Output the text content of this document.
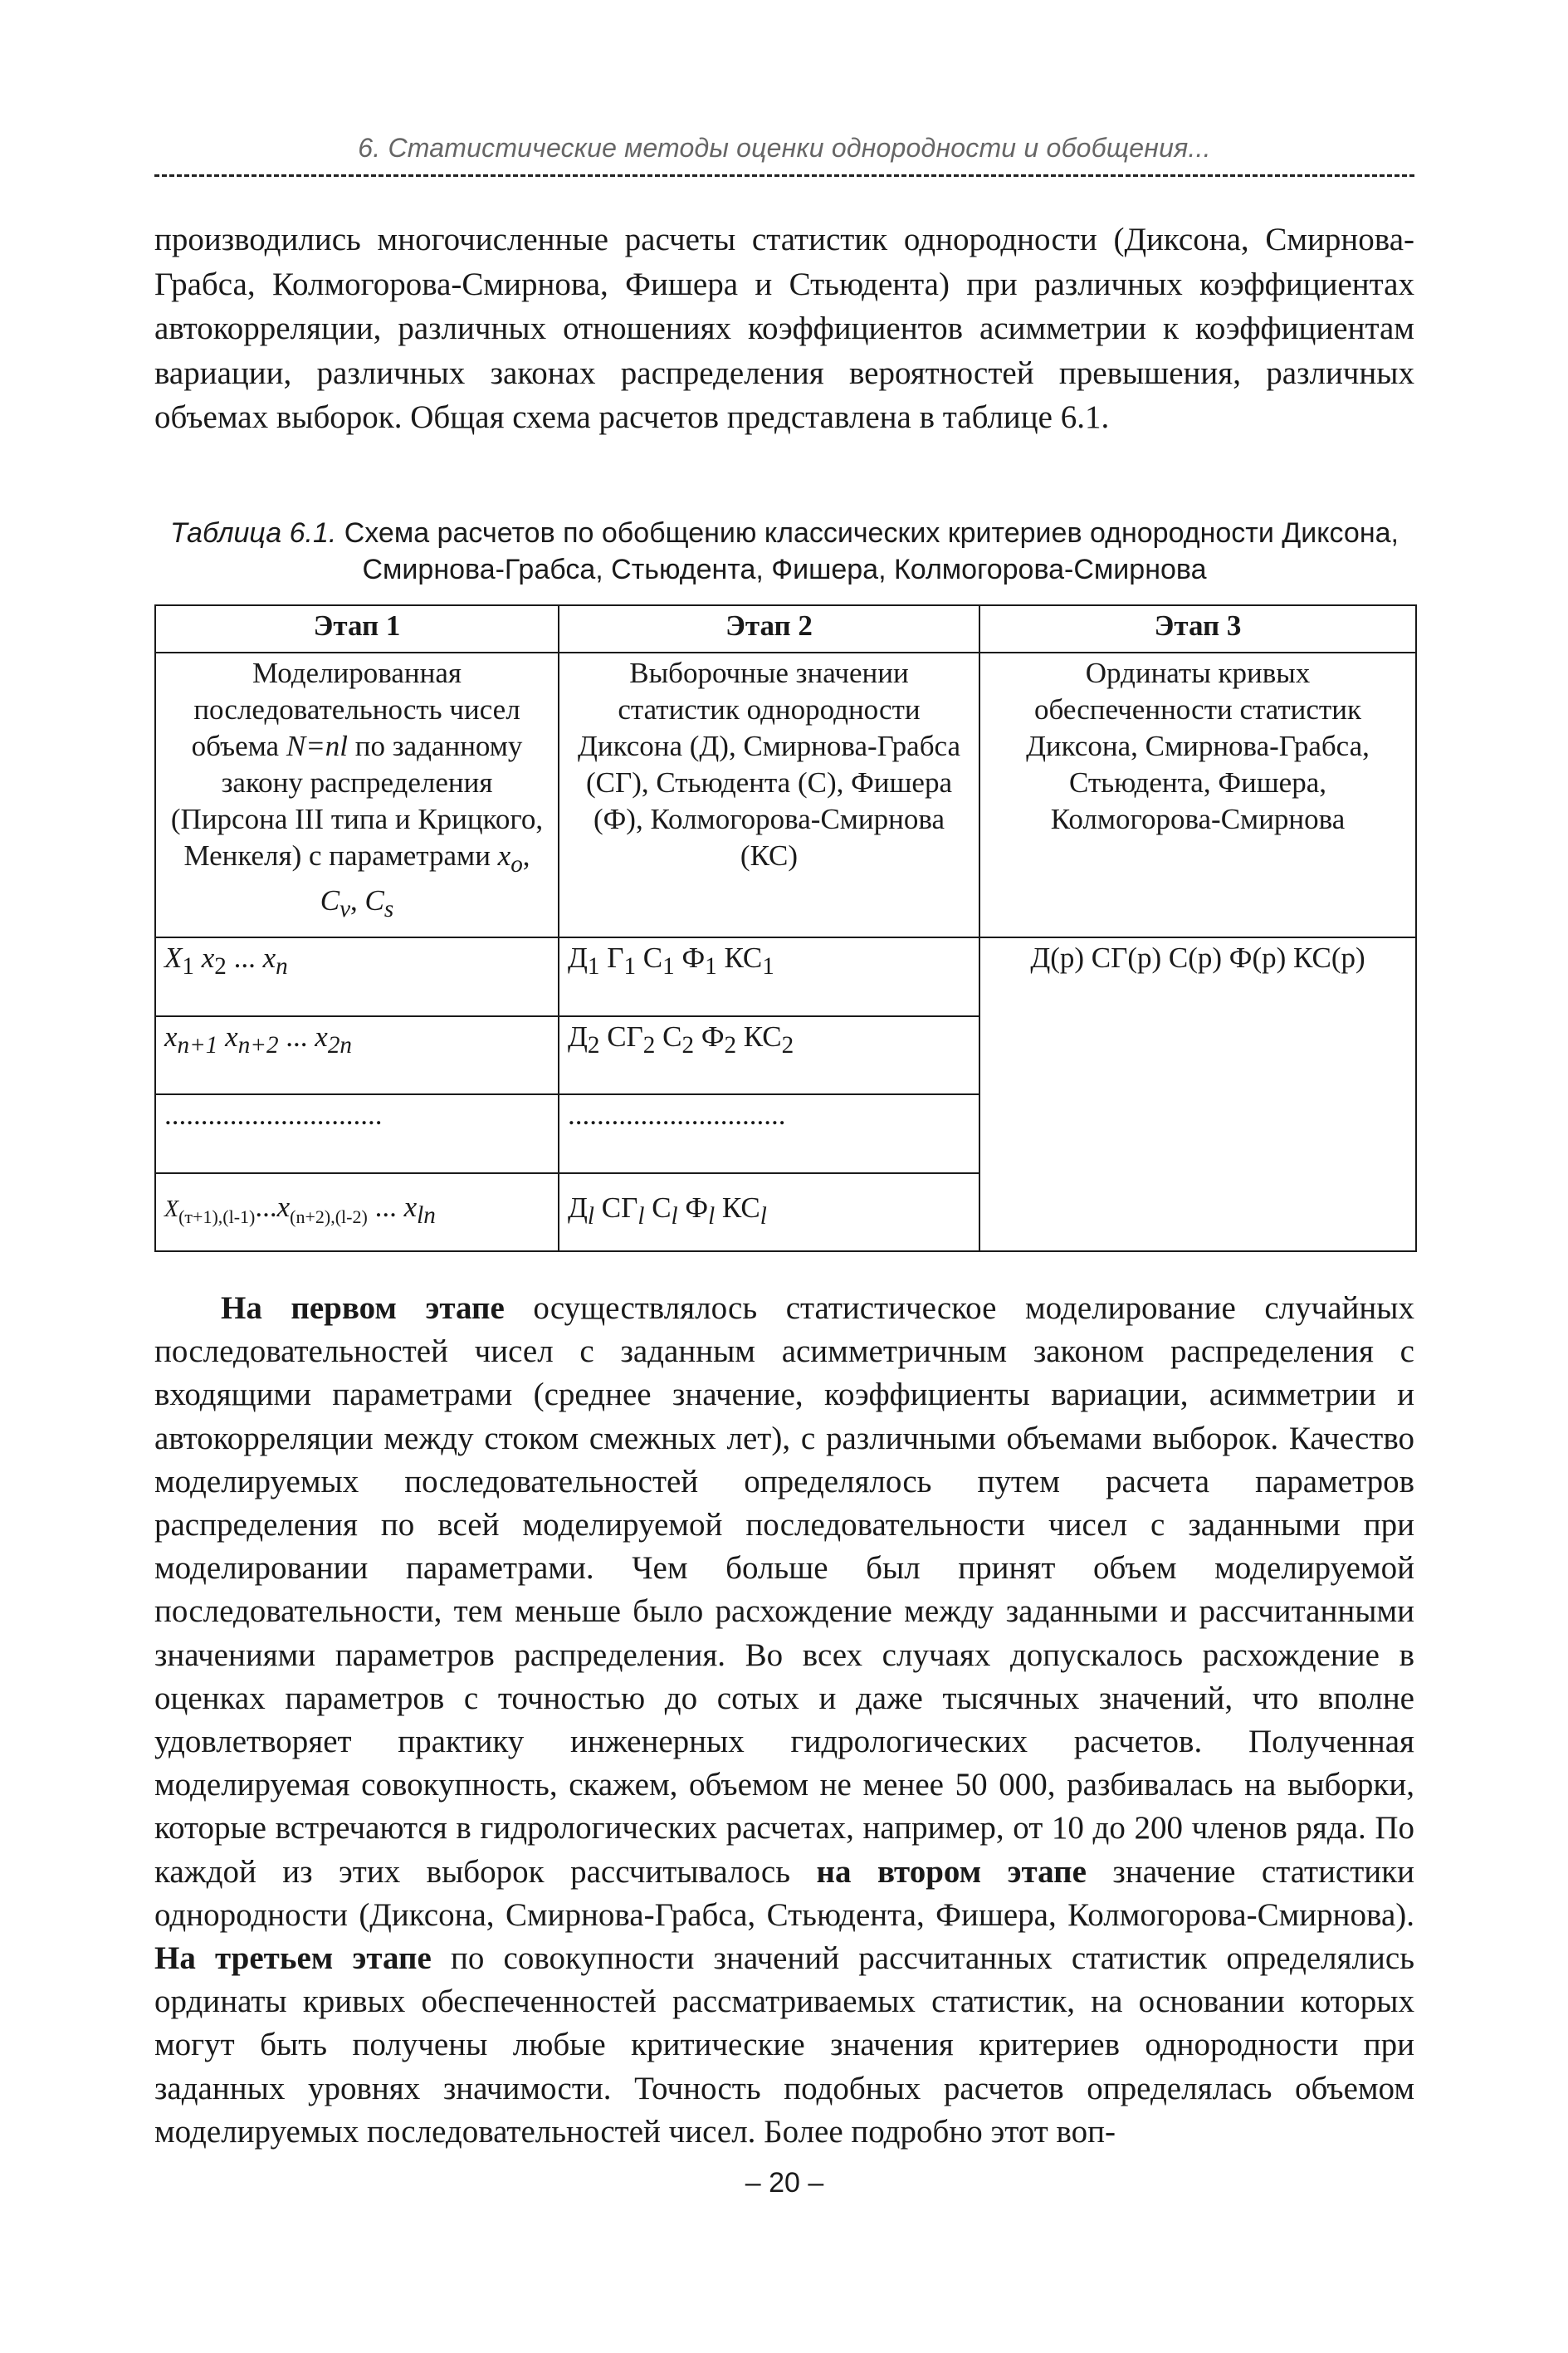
6. Статистические методы оценки однородности и обобщения...

производились многочисленные расчеты статистик однородности (Диксона, Смирнова-Грабса, Колмогорова-Смирнова, Фишера и Стьюдента) при различных коэффициентах автокорреляции, различных отношениях коэффициентов асимметрии к коэффициентам вариации, различных законах распределения вероятностей превышения, различных объемах выборок. Общая схема расчетов представлена в таблице 6.1.

Таблица 6.1. Схема расчетов по обобщению классических критериев однородности Диксона, Смирнова-Грабса, Стьюдента, Фишера, Колмогорова-Смирнова
Этап 1	Этап 2	Этап 3
Моделированная последовательность чисел объема N=nl по заданному закону распределения (Пирсона III типа и Крицкого, Менкеля) с параметрами $x_o$, $C_v$, $C_s$	Выборочные значении статистик однородности Диксона (Д), Смирнова-Грабса (СГ), Стьюдента (С), Фишера (Ф), Колмогорова-Смирнова (КС)	Ординаты кривых обеспеченности статистик Диксона, Смирнова-Грабса, Стьюдента, Фишера, Колмогорова-Смирнова
$X_1$ $x_2$ ... $x_n$	$Д_1$ $Г_1$ $С_1$ $Ф_1$ $КС_1$	Д(р) СГ(р) С(р) Ф(р) КС(р)
$x_{n+1}$ $x_{n+2}$ ... $x_{2n}$	$Д_2$ $СГ_2$ $С_2$ $Ф_2$ $КС_2$
..............................	..............................	
$X_{(т+1),(l-1)}...x_{(n+2),(l-2)}$ ... $x_{ln}$	$Д_l$ $СГ_l$ $С_l$ $Ф_l$ $КС_l$

На первом этапе осуществлялось статистическое моделирование случайных последовательностей чисел с заданным асимметричным законом распределения с входящими параметрами (среднее значение, коэффициенты вариации, асимметрии и автокорреляции между стоком смежных лет), с различными объемами выборок. Качество моделируемых последовательностей определялось путем расчета параметров распределения по всей моделируемой последовательности чисел с заданными при моделировании параметрами. Чем больше был принят объем моделируемой последовательности, тем меньше было расхождение между заданными и рассчитанными значениями параметров распределения. Во всех случаях допускалось расхождение в оценках параметров с точностью до сотых и даже тысячных значений, что вполне удовлетворяет практику инженерных гидрологических расчетов. Полученная моделируемая совокупность, скажем, объемом не менее 50 000, разбивалась на выборки, которые встречаются в гидрологических расчетах, например, от 10 до 200 членов ряда. По каждой из этих выборок рассчитывалось на втором этапе значение статистики однородности (Диксона, Смирнова-Грабса, Стьюдента, Фишера, Колмогорова-Смирнова). На третьем этапе по совокупности значений рассчитанных статистик определялись ординаты кривых обеспеченностей рассматриваемых статистик, на основании которых могут быть получены любые критические значения критериев однородности при заданных уровнях значимости. Точность подобных расчетов определялась объемом моделируемых последовательностей чисел. Более подробно этот воп-

– 20 –
